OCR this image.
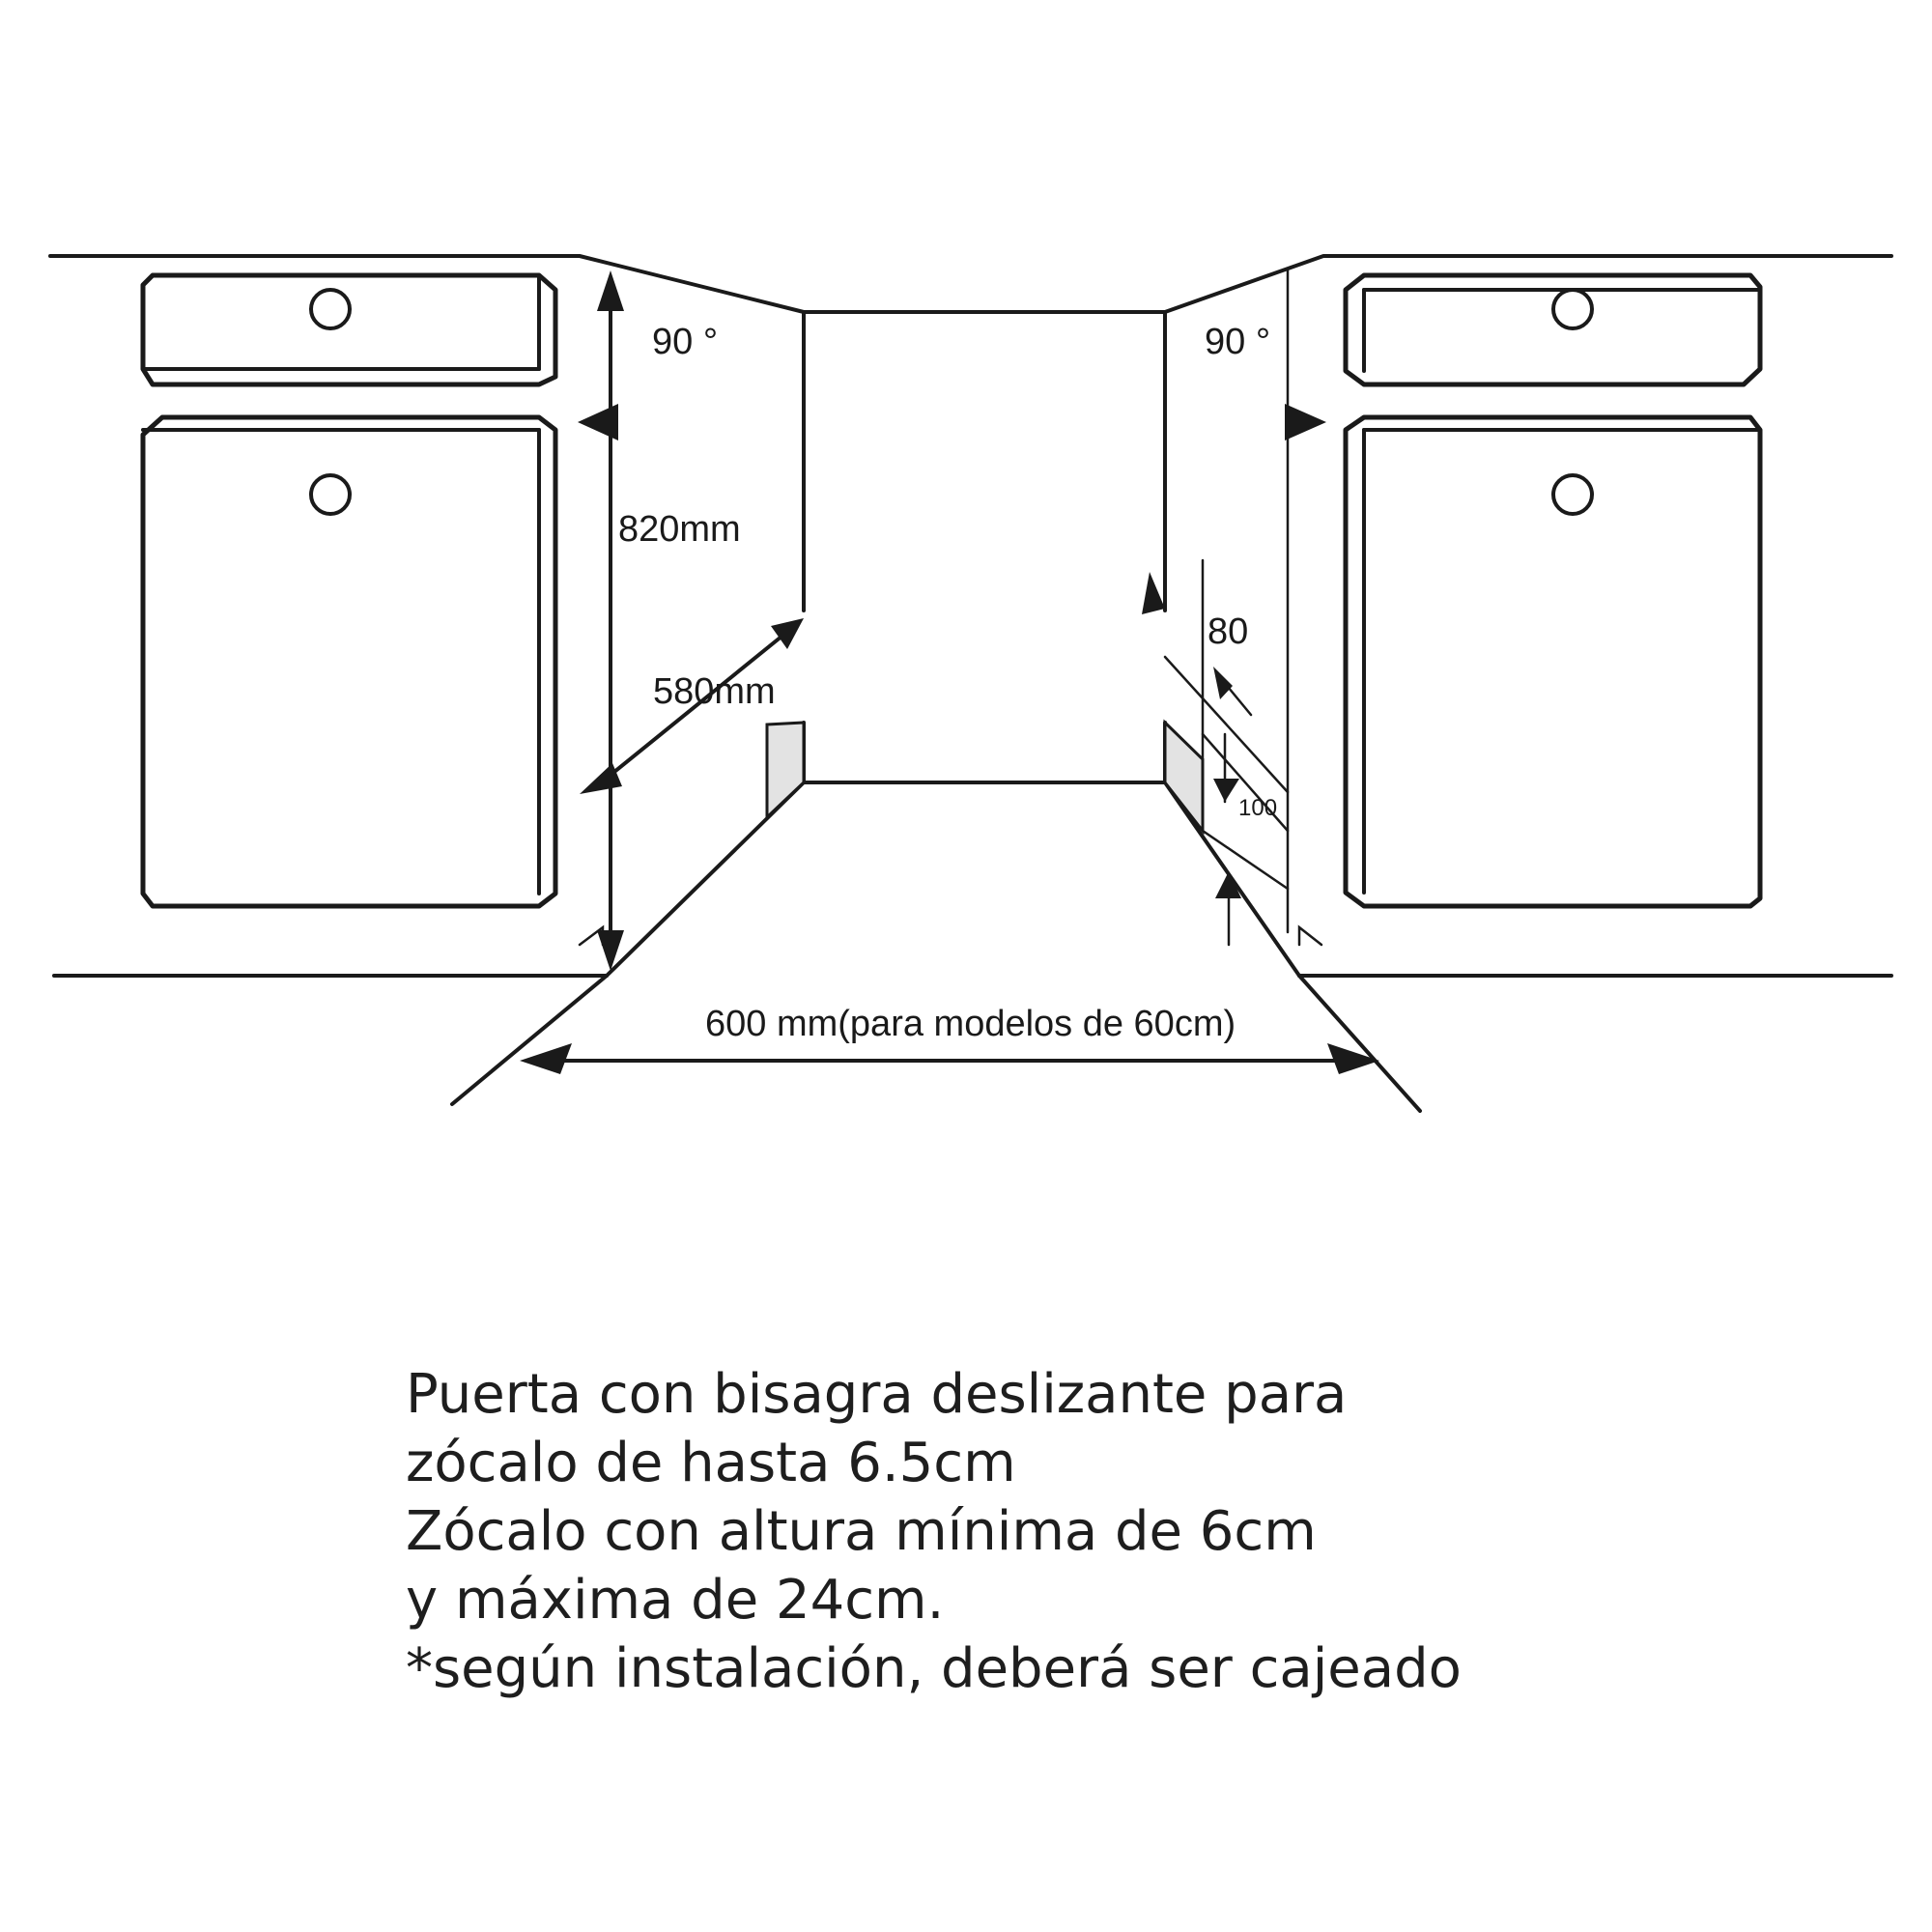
90 °	90 °
820mm
580mm
80
100
600 mm(para modelos de 60cm)
Puerta con bisagra deslizante para
zócalo de hasta 6.5cm
Zócalo con altura mínima de 6cm
y máxima de 24cm.
*según instalación, deberá ser cajeado
